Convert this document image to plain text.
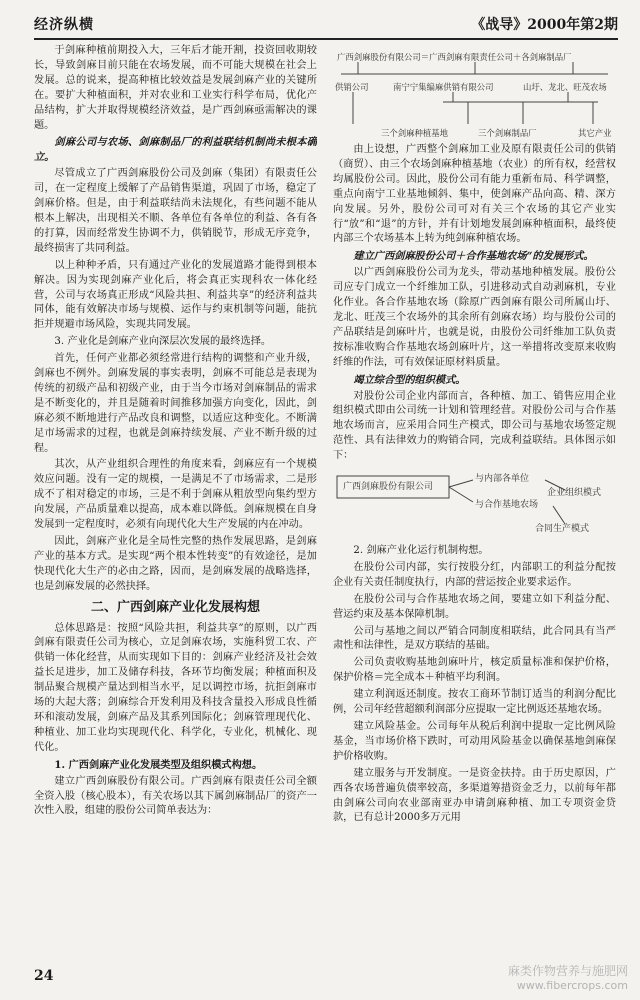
经济纵横	《战导》2000年第2期

于剑麻种植前期投入大，三年后才能开割，投资回收期较长，导致剑麻目前只能在农场发展，而不可能大规模在社会上发展。总的说来，提高种植比较效益是发展剑麻产业的关键所在。要扩大种植面积，并对农业和工业实行科学布局，优化产品结构，扩大并取得规模经济效益，是广西剑麻亟需解决的课题。

剑麻公司与农场、剑麻制品厂的利益联结机制尚未根本确立。

尽管成立了广西剑麻股份公司及剑麻（集团）有限责任公司，在一定程度上缓解了产品销售渠道，巩固了市场，稳定了剑麻价格。但是，由于利益联结尚未法规化，有些问题不能从根本上解决，出现相关不顺、各单位有各单位的利益、各有各的打算，因而经常发生协调不力，供销脱节，形成无序竞争，最终损害了共同利益。

以上种种矛盾，只有通过产业化的发展道路才能得到根本解决。因为实现剑麻产业化后，将会真正实现科农一体化经营，公司与农场真正形成“风险共担、利益共享”的经济利益共同体，能有效解决市场与规模、运作与约束机制等问题，能抗拒并规避市场风险，实现共同发展。

3. 产业化是剑麻产业向深层次发展的最终选择。

首先，任何产业都必须经常进行结构的调整和产业升级，剑麻也不例外。剑麻发展的事实表明，剑麻不可能总是表现为传统的初级产品和初级产业，由于当今市场对剑麻制品的需求是不断变化的，并且是随着时间推移加强方向变化，因此，剑麻必须不断地进行产品改良和调整，以适应这种变化。不断满足市场需求的过程，也就是剑麻持续发展、产业不断升级的过程。

其次，从产业组织合理性的角度来看，剑麻应有一个规模效应问题。没有一定的规模，一是满足不了市场需求，二是形成不了相对稳定的市场，三是不利于剑麻从粗放型向集约型方向发展，产品质量难以提高，成本难以降低。剑麻规模在自身发展到一定程度时，必须有向现代化大生产发展的内在冲动。

因此，剑麻产业化是全局性完整的热作发展思路，是剑麻产业的基本方式。是实现“两个根本性转变”的有效途径，是加快现代化大生产的必由之路，因而，是剑麻发展的战略选择，也是剑麻发展的必然抉择。

二、广西剑麻产业化发展构想

总体思路是：按照“风险共担，利益共享”的原则，以广西剑麻有限责任公司为核心，立足剑麻农场，实施科贸工农、产供销一体化经营，从而实现如下目的：剑麻产业经济及社会效益长足进步，加工及储存科技，各环节均衡发展；种植面积及制品聚合规模产量达到相当水平，足以调控市场，抗拒剑麻市场的大起大落；剑麻综合开发利用及科技含量投入形成良性循环和滚动发展，剑麻产品及其系列国际化；剑麻管理现代化、种植业、加工业均实现现代化、科学化，专业化，机械化、现代化。

1. 广西剑麻产业化发展类型及组织模式构想。

建立广西剑麻股份有限公司。广西剑麻有限责任公司全额全资入股（核心股本），有关农场以其下属剑麻制品厂的资产一次性入股，组建的股份公司简单表达为：

广西剑麻股份有限公司＝广西剑麻有限责任公司＋各剑麻制品厂
供销公司	南宁宁集编麻供销有限公司	山圩、龙北、旺茂农场
三个剑麻种植基地	三个剑麻制品厂	其它产业

由上设想，广西整个剑麻加工业及原有限责任公司的供销（商贸）、由三个农场剑麻种植基地（农业）的所有权，经营权均属股份公司。因此，股份公司有能力重新布局、科学调整，重点向南宁工业基地倾斜、集中，使剑麻产品向高、精、深方向发展。另外，股份公司可对有关三个农场的其它产业实行“放”和“退”的方针，并有计划地发展剑麻种植面积，最终使内部三个农场基本上转为纯剑麻种植农场。

建立广西剑麻股份公司＋合作基地农场“的发展形式。

以广西剑麻股份公司为龙头，带动基地种植发展。股份公司应专门成立一个纤维加工队，引进移动式自动剥麻机，专业化作业。各合作基地农场（除原广西剑麻有限公司所属山圩、龙北、旺茂三个农场外的其余所有剑麻农场）均与股份公司的产品联结是剑麻叶片，也就是说，由股份公司纤维加工队负责按标准收购合作基地农场剑麻叶片，这一举措将改变原来收购纤维的作法，可有效保证原材料质量。

竭立综合型的组织模式。

对股份公司企业内部而言，各种植、加工、销售应用企业组织模式即由公司统一计划和管理经营。对股份公司与合作基地农场而言，应采用合同生产模式，即公司与基地农场签定规范性、具有法律效力的购销合同，完成利益联结。具体图示如下：

广西剑麻股份有限公司
与内部各单位
企业组织模式
与合作基地农场
合同生产模式

2. 剑麻产业化运行机制构想。

在股份公司内部，实行按股分红，内部职工的利益分配按企业有关责任制度执行，内部的营运按企业要求运作。

在股份公司与合作基地农场之间，要建立如下利益分配、营运约束及基本保障机制。

公司与基地之间以严销合同制度相联结，此合同具有当严肃性和法律性，是双方联结的基础。

公司负责收购基地剑麻叶片，核定质量标准和保护价格，保护价格＝完全成本＋种植平均利润。

建立利润返还制度。按农工商环节制订适当的利润分配比例，公司年经营超额利润部分应提取一定比例返还基地农场。

建立风险基金。公司每年从税后利润中提取一定比例风险基金，当市场价格下跌时，可动用风险基金以确保基地剑麻保护价格收购。

建立服务与开发制度。一是资金扶持。由于历史原因，广西各农场普遍负债率较高，多渠道筹措资金乏力，以前每年都由剑麻公司向农业部南亚办申请剑麻种植、加工专项资金贷款，已有总计2000多万元用

24	麻类作物营养与施肥网
www.fibercrops.com
